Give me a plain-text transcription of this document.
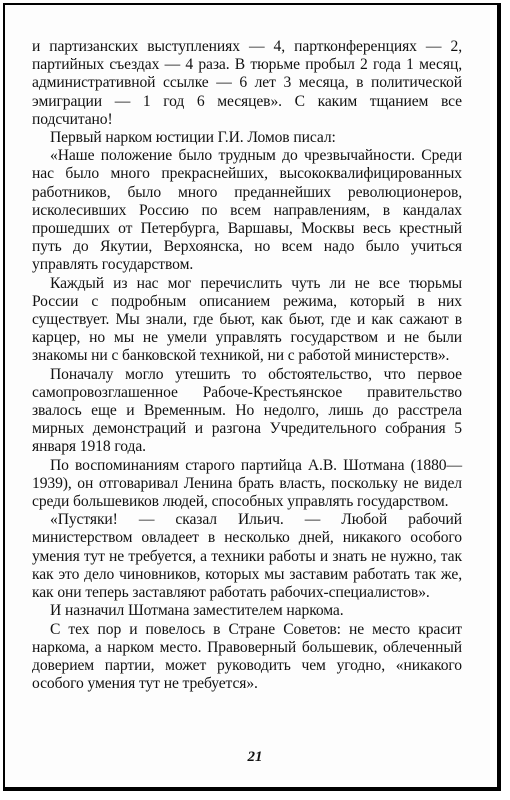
и партизанских выступлениях — 4, партконференциях — 2, партийных съездах — 4 раза. В тюрьме пробыл 2 года 1 месяц, административной ссылке — 6 лет 3 месяца, в политической эмиграции — 1 год 6 месяцев». С каким тщанием все подсчитано!

Первый нарком юстиции Г.И. Ломов писал:

«Наше положение было трудным до чрезвычайности. Среди нас было много прекраснейших, высококвалифицированных работников, было много преданнейших революционеров, исколесивших Россию по всем направлениям, в кандалах прошедших от Петербурга, Варшавы, Москвы весь крестный путь до Якутии, Верхоянска, но всем надо было учиться управлять государством.

Каждый из нас мог перечислить чуть ли не все тюрьмы России с подробным описанием режима, который в них существует. Мы знали, где бьют, как бьют, где и как сажают в карцер, но мы не умели управлять государством и не были знакомы ни с банковской техникой, ни с работой министерств».

Поначалу могло утешить то обстоятельство, что первое самопровозглашенное Рабоче-Крестьянское правительство звалось еще и Временным. Но недолго, лишь до расстрела мирных демонстраций и разгона Учредительного собрания 5 января 1918 года.

По воспоминаниям старого партийца А.В. Шотмана (1880—1939), он отговаривал Ленина брать власть, поскольку не видел среди большевиков людей, способных управлять государством.

«Пустяки! — сказал Ильич. — Любой рабочий министерством овладеет в несколько дней, никакого особого умения тут не требуется, а техники работы и знать не нужно, так как это дело чиновников, которых мы заставим работать так же, как они теперь заставляют работать рабочих-специалистов».

И назначил Шотмана заместителем наркома.

С тех пор и повелось в Стране Советов: не место красит наркома, а нарком место. Правоверный большевик, облеченный доверием партии, может руководить чем угодно, «никакого особого умения тут не требуется».

21
